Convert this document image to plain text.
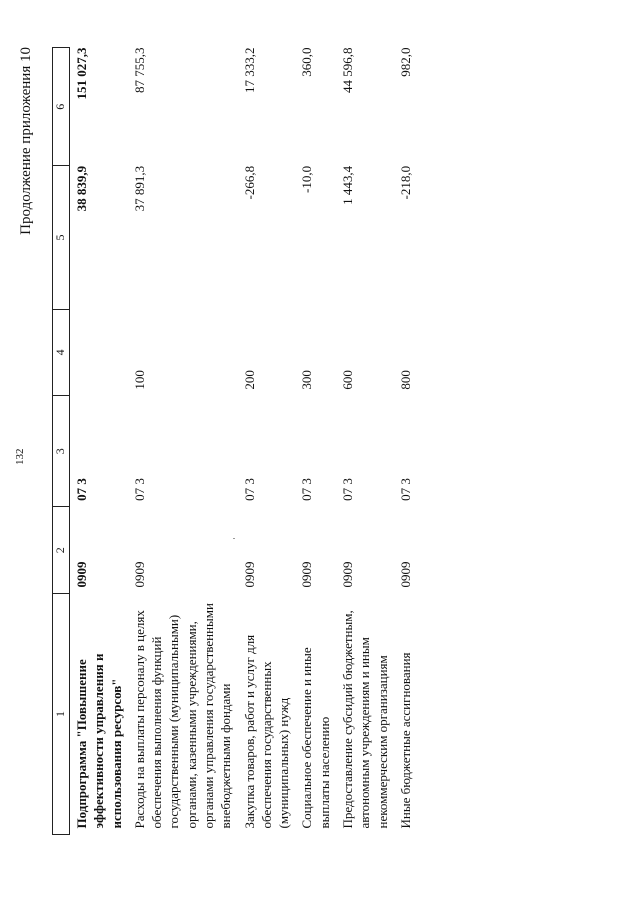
132
Продолжение приложения 10
1	2	3	4	5	6
Подпрограмма "Повышение эффективности управления и использования ресурсов"	0909	07 3		38 839,9	151 027,3
Расходы на выплаты персоналу в целях обеспечения выполнения функций государственными (муниципальными) органами, казенными учреждениями, органами управления государственными внебюджетными фондами	0909	07 3	100	37 891,3	87 755,3
Закупка товаров, работ и услуг для обеспечения государственных (муниципальных) нужд	0909	07 3	200	-266,8	17 333,2
Социальное обеспечение и иные выплаты населению	0909	07 3	300	-10,0	360,0
Предоставление субсидий бюджетным, автономным учреждениям и иным некоммерческим организациям	0909	07 3	600	1 443,4	44 596,8
Иные бюджетные ассигнования	0909	07 3	800	-218,0	982,0
